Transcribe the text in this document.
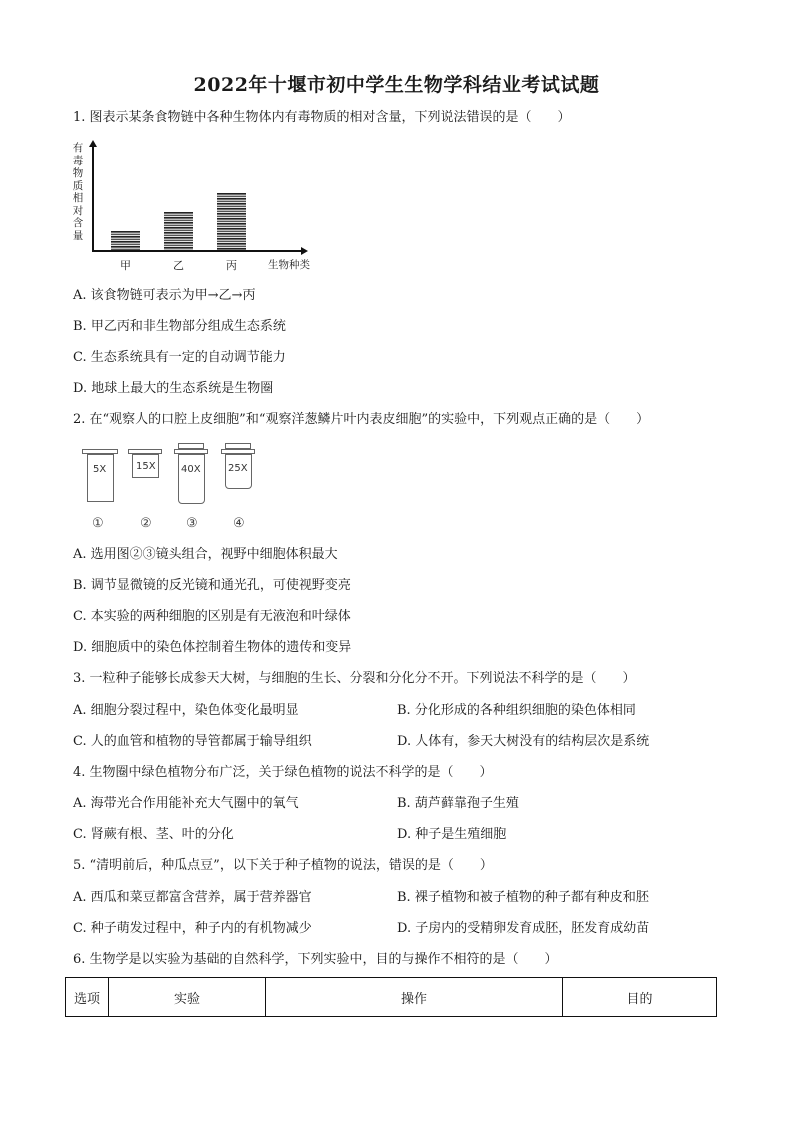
2022年十堰市初中学生生物学科结业考试试题
1. 图表示某条食物链中各种生物体内有毒物质的相对含量，下列说法错误的是（　　）
有毒物质相对含量
甲	乙	丙	生物种类
A. 该食物链可表示为甲→乙→丙
B. 甲乙丙和非生物部分组成生态系统
C. 生态系统具有一定的自动调节能力
D. 地球上最大的生态系统是生物圈
2. 在“观察人的口腔上皮细胞”和“观察洋葱鳞片叶内表皮细胞”的实验中，下列观点正确的是（　　）
5X
①
15X
②
40X
③
25X
④
A. 选用图②③镜头组合，视野中细胞体积最大
B. 调节显微镜的反光镜和通光孔，可使视野变亮
C. 本实验的两种细胞的区别是有无液泡和叶绿体
D. 细胞质中的染色体控制着生物体的遗传和变异
3. 一粒种子能够长成参天大树，与细胞的生长、分裂和分化分不开。下列说法不科学的是（　　）
A. 细胞分裂过程中，染色体变化最明显	B. 分化形成的各种组织细胞的染色体相同
C. 人的血管和植物的导管都属于输导组织	D. 人体有，参天大树没有的结构层次是系统
4. 生物圈中绿色植物分布广泛，关于绿色植物的说法不科学的是（　　）
A. 海带光合作用能补充大气圈中的氧气	B. 葫芦藓靠孢子生殖
C. 肾蕨有根、茎、叶的分化	D. 种子是生殖细胞
5. “清明前后，种瓜点豆”，以下关于种子植物的说法，错误的是（　　）
A. 西瓜和菜豆都富含营养，属于营养器官	B. 裸子植物和被子植物的种子都有种皮和胚
C. 种子萌发过程中，种子内的有机物减少	D. 子房内的受精卵发育成胚，胚发育成幼苗
6. 生物学是以实验为基础的自然科学，下列实验中，目的与操作不相符的是（　　）
选项	实验	操作	目的
